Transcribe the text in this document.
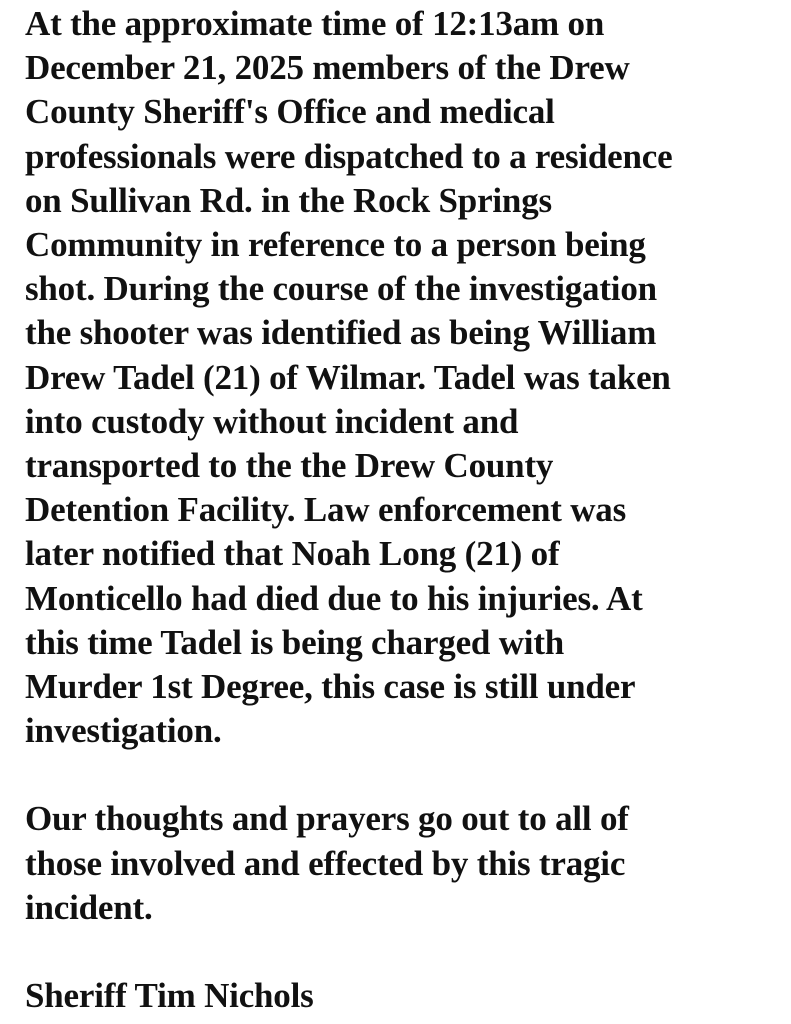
At the approximate time of 12:13am on
December 21, 2025 members of the Drew
County Sheriff's Office and medical
professionals were dispatched to a residence
on Sullivan Rd. in the Rock Springs
Community in reference to a person being
shot. During the course of the investigation
the shooter was identified as being William
Drew Tadel (21) of Wilmar. Tadel was taken
into custody without incident and
transported to the the Drew County
Detention Facility. Law enforcement was
later notified that Noah Long (21) of
Monticello had died due to his injuries. At
this time Tadel is being charged with
Murder 1st Degree, this case is still under
investigation.

Our thoughts and prayers go out to all of
those involved and effected by this tragic
incident.

Sheriff Tim Nichols
